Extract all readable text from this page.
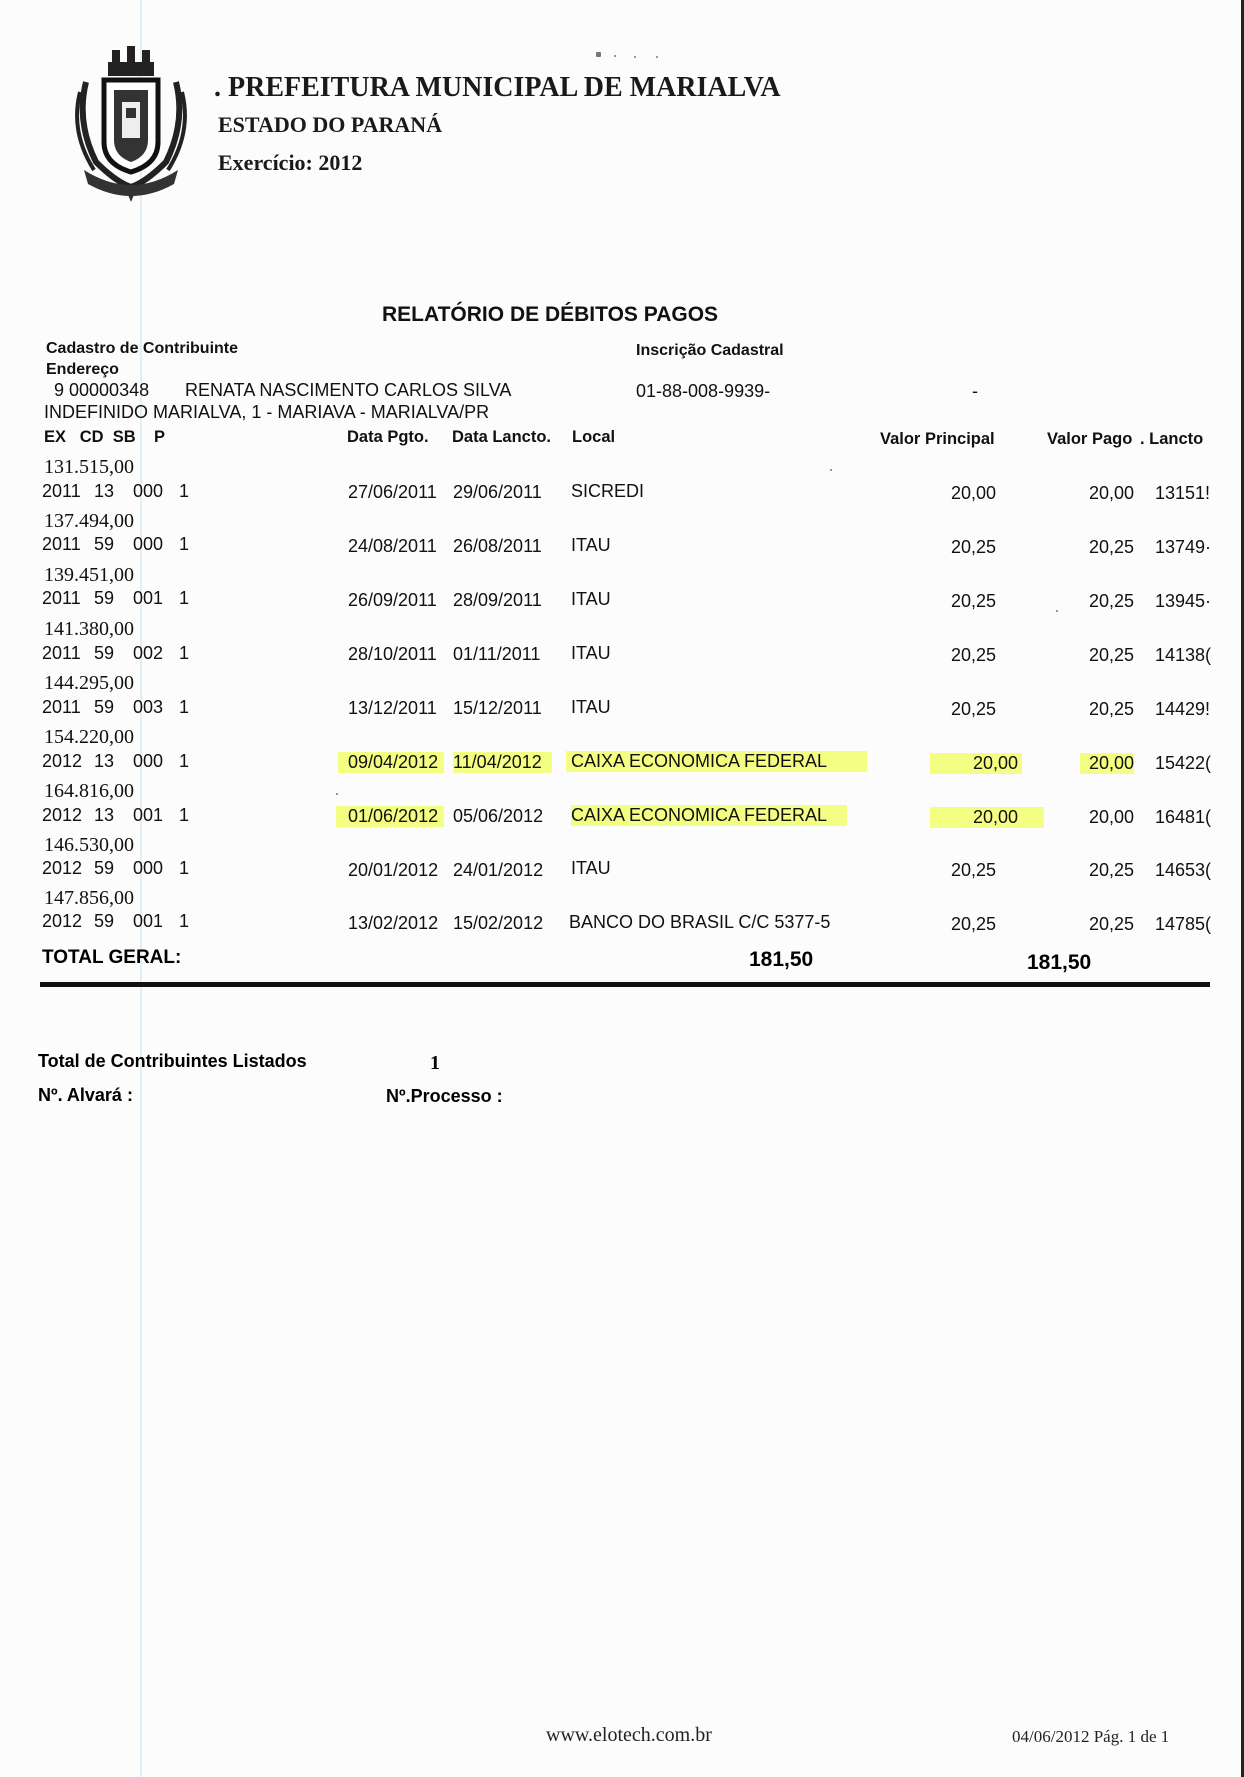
. PREFEITURA MUNICIPAL DE MARIALVA
ESTADO DO PARANÁ
Exercício: 2012
RELATÓRIO DE DÉBITOS PAGOS
Cadastro de Contribuinte	Inscrição Cadastral
Endereço
9 00000348 RENATA NASCIMENTO CARLOS SILVA	01-88-008-9939-	-
INDEFINIDO MARIALVA, 1 - MARIAVA - MARIALVA/PR
EX   CD  SB    P	Data Pgto. Data Lancto. Local	Valor Principal	Valor Pago . Lancto
131.515,00
2011 13 000 1	27/06/2011 29/06/2011 SICREDI	20,00	20,00 13151!
137.494,00
2011 59 000 1	24/08/2011 26/08/2011 ITAU	20,25	20,25 13749·
139.451,00
2011 59 001 1	26/09/2011 28/09/2011 ITAU	20,25	20,25 13945·
141.380,00
2011 59 002 1	28/10/2011 01/11/2011 ITAU	20,25	20,25 14138(
144.295,00
2011 59 003 1	13/12/2011 15/12/2011 ITAU	20,25	20,25 14429!
154.220,00
2012 13 000 1	09/04/2012 11/04/2012	CAIXA ECONOMICA FEDERAL	20,00	20,00 15422(
164.816,00
2012 13 001 1	01/06/2012 05/06/2012 CAIXA ECONOMICA FEDERAL	20,00	20,00 16481(
146.530,00
2012 59 000 1	20/01/2012 24/01/2012 ITAU	20,25	20,25 14653(
147.856,00
2012 59 001 1	13/02/2012 15/02/2012 BANCO DO BRASIL C/C 5377-5	20,25	20,25 14785(
TOTAL GERAL:	181,50	181,50
Total de Contribuintes Listados	1
Nº. Alvará :	Nº.Processo :
www.elotech.com.br	04/06/2012 Pág. 1 de 1
